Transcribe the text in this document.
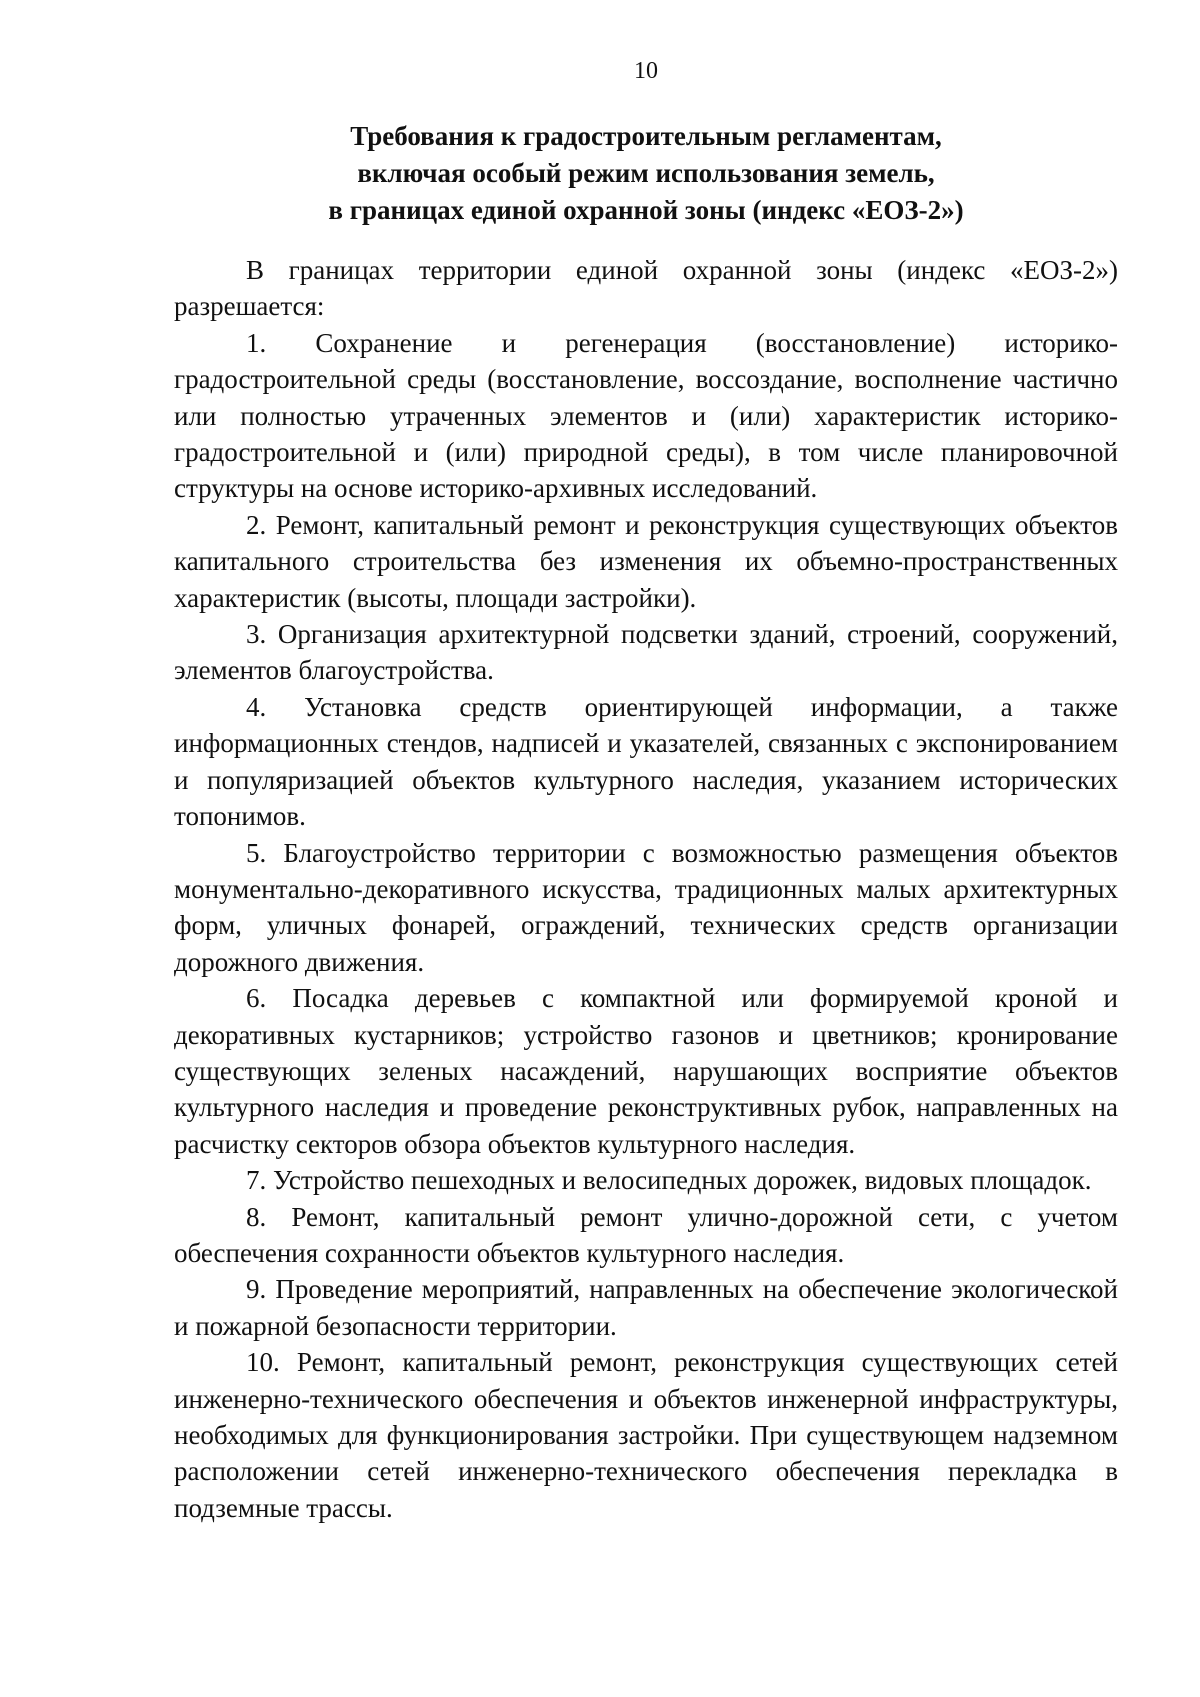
10
Требования к градостроительным регламентам,
включая особый режим использования земель,
в границах единой охранной зоны (индекс «ЕОЗ-2»)

В границах территории единой охранной зоны (индекс «ЕОЗ-2») разрешается:

1. Сохранение и регенерация (восстановление) историко-градостроительной среды (восстановление, воссоздание, восполнение частично или полностью утраченных элементов и (или) характеристик историко-градостроительной и (или) природной среды), в том числе планировочной структуры на основе историко-архивных исследований.

2. Ремонт, капитальный ремонт и реконструкция существующих объектов капитального строительства без изменения их объемно-пространственных характеристик (высоты, площади застройки).

3. Организация архитектурной подсветки зданий, строений, сооружений, элементов благоустройства.

4. Установка средств ориентирующей информации, а также информационных стендов, надписей и указателей, связанных с экспонированием и популяризацией объектов культурного наследия, указанием исторических топонимов.

5. Благоустройство территории с возможностью размещения объектов монументально-декоративного искусства, традиционных малых архитектурных форм, уличных фонарей, ограждений, технических средств организации дорожного движения.

6. Посадка деревьев с компактной или формируемой кроной и декоративных кустарников; устройство газонов и цветников; кронирование существующих зеленых насаждений, нарушающих восприятие объектов культурного наследия и проведение реконструктивных рубок, направленных на расчистку секторов обзора объектов культурного наследия.

7. Устройство пешеходных и велосипедных дорожек, видовых площадок.

8. Ремонт, капитальный ремонт улично-дорожной сети, с учетом обеспечения сохранности объектов культурного наследия.

9. Проведение мероприятий, направленных на обеспечение экологической и пожарной безопасности территории.

10. Ремонт, капитальный ремонт, реконструкция существующих сетей инженерно-технического обеспечения и объектов инженерной инфраструктуры, необходимых для функционирования застройки. При существующем надземном расположении сетей инженерно-технического обеспечения перекладка в подземные трассы.
